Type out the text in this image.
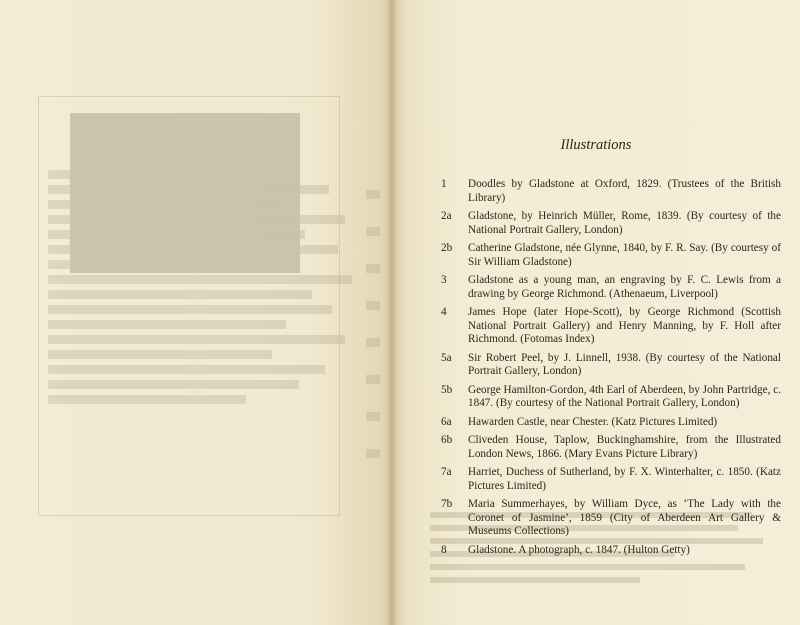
Illustrations
1	Doodles by Gladstone at Oxford, 1829. (Trustees of the British Library)
2a	Gladstone, by Heinrich Müller, Rome, 1839. (By courtesy of the National Portrait Gallery, London)
2b	Catherine Gladstone, née Glynne, 1840, by F. R. Say. (By courtesy of Sir William Gladstone)
3	Gladstone as a young man, an engraving by F. C. Lewis from a drawing by George Richmond. (Athenaeum, Liverpool)
4	James Hope (later Hope-Scott), by George Richmond (Scottish National Portrait Gallery) and Henry Manning, by F. Holl after Richmond. (Fotomas Index)
5a	Sir Robert Peel, by J. Linnell, 1938. (By courtesy of the National Portrait Gallery, London)
5b	George Hamilton-Gordon, 4th Earl of Aberdeen, by John Partridge, c. 1847. (By courtesy of the National Portrait Gallery, London)
6a	Hawarden Castle, near Chester. (Katz Pictures Limited)
6b	Cliveden House, Taplow, Buckinghamshire, from the Illustrated London News, 1866. (Mary Evans Picture Library)
7a	Harriet, Duchess of Sutherland, by F. X. Winterhalter, c. 1850. (Katz Pictures Limited)
7b	Maria Summerhayes, by William Dyce, as ‘The Lady with the Coronet of Jasmine’, 1859 (City of Aberdeen Art Gallery & Museums Collections)
8	Gladstone. A photograph, c. 1847. (Hulton Getty)
